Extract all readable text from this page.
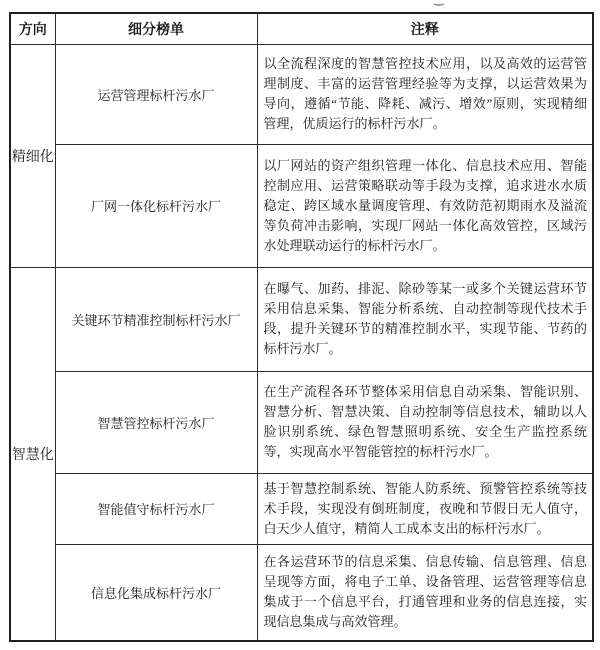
方向	细分榜单	注释
精细化	运营管理标杆污水厂	以全流程深度的智慧管控技术应用，以及高效的运营管理制度、丰富的运营管理经验等为支撑，以运营效果为导向，遵循“节能、降耗、减污、增效”原则，实现精细管理，优质运行的标杆污水厂。
	厂网一体化标杆污水厂	以厂网站的资产组织管理一体化、信息技术应用、智能控制应用、运营策略联动等手段为支撑，追求进水水质稳定、跨区域水量调度管理、有效防范初期雨水及溢流等负荷冲击影响，实现厂网站一体化高效管控，区域污水处理联动运行的标杆污水厂。
智慧化	关键环节精准控制标杆污水厂	在曝气、加药、排泥、除砂等某一或多个关键运营环节采用信息采集、智能分析系统、自动控制等现代技术手段，提升关键环节的精准控制水平，实现节能、节药的标杆污水厂。
	智慧管控标杆污水厂	在生产流程各环节整体采用信息自动采集、智能识别、智慧分析、智慧决策、自动控制等信息技术，辅助以人脸识别系统、绿色智慧照明系统、安全生产监控系统等，实现高水平智能管控的标杆污水厂。
	智能值守标杆污水厂	基于智慧控制系统、智能人防系统、预警管控系统等技术手段，实现没有倒班制度，夜晚和节假日无人值守，白天少人值守，精简人工成本支出的标杆污水厂。
	信息化集成标杆污水厂	在各运营环节的信息采集、信息传输、信息管理、信息呈现等方面，将电子工单、设备管理、运营管理等信息集成于一个信息平台，打通管理和业务的信息连接，实现信息集成与高效管理。
